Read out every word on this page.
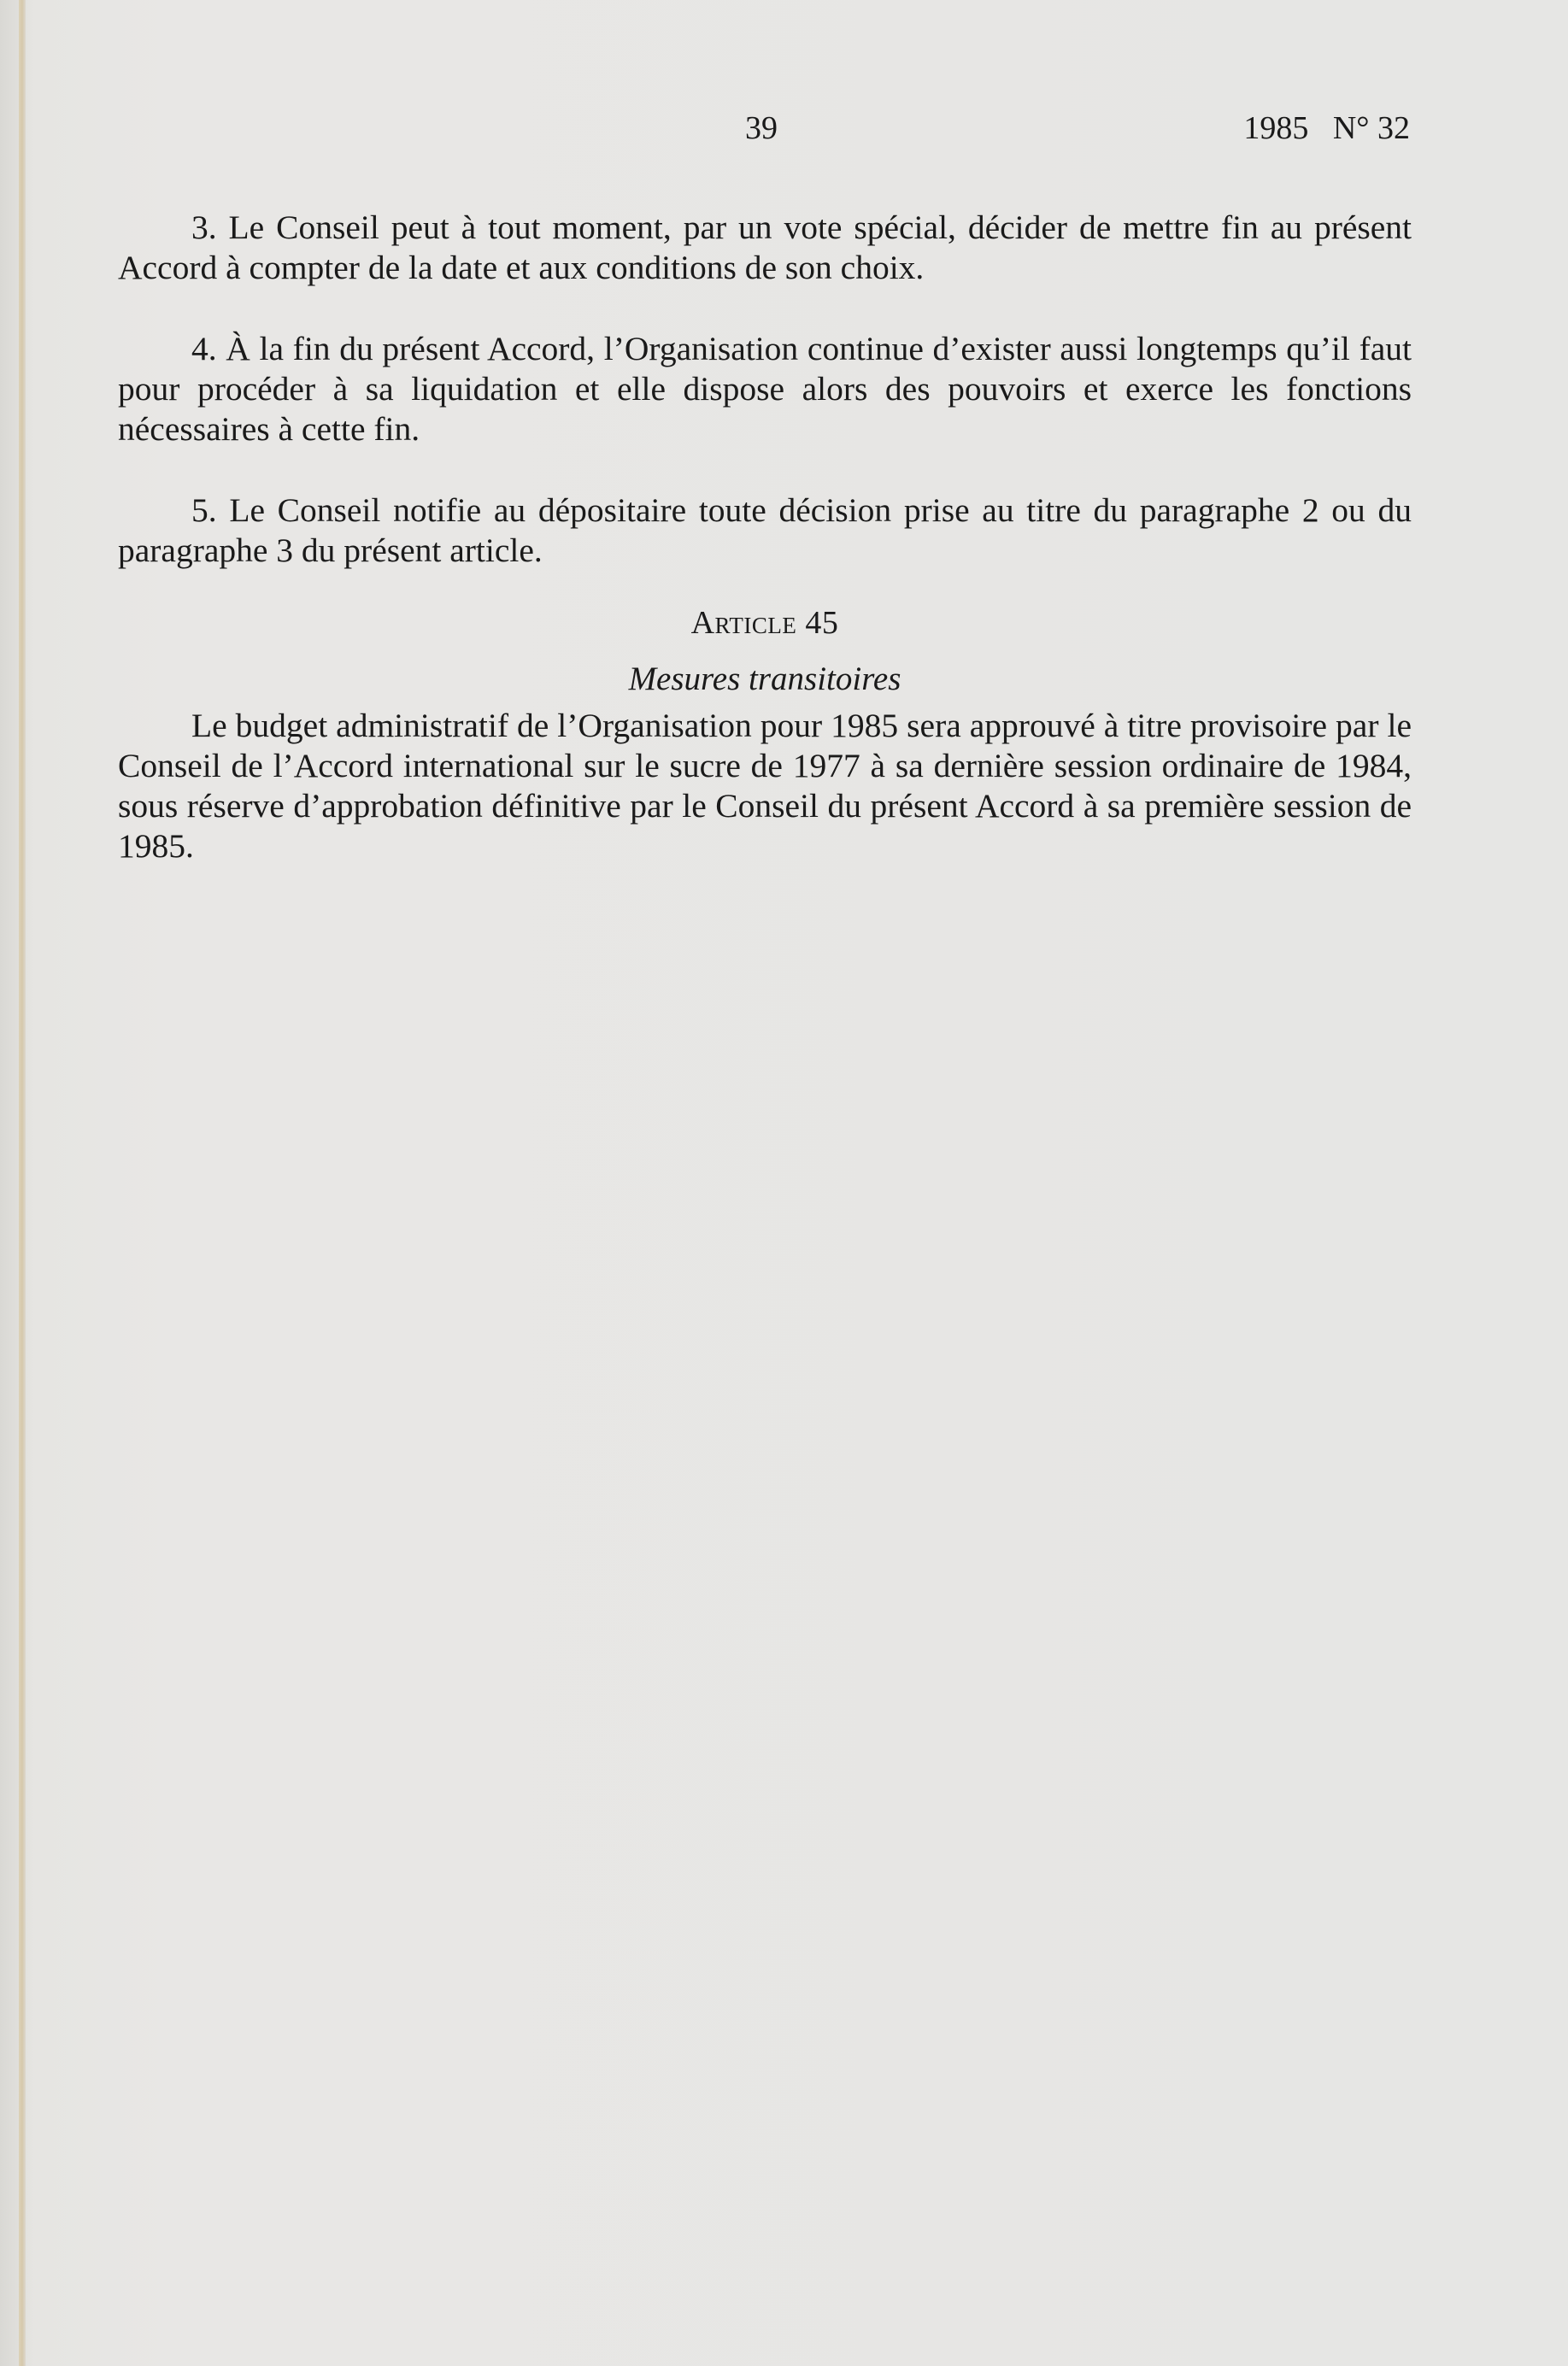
39	1985   N° 32

3. Le Conseil peut à tout moment, par un vote spécial, décider de mettre fin au présent Accord à compter de la date et aux conditions de son choix.

4. À la fin du présent Accord, l’Organisation continue d’exister aussi longtemps qu’il faut pour procéder à sa liquidation et elle dispose alors des pouvoirs et exerce les fonctions nécessaires à cette fin.

5. Le Conseil notifie au dépositaire toute décision prise au titre du paragraphe 2 ou du paragraphe 3 du présent article.

Article 45
Mesures transitoires

Le budget administratif de l’Organisation pour 1985 sera approuvé à titre provisoire par le Conseil de l’Accord international sur le sucre de 1977 à sa dernière session ordinaire de 1984, sous réserve d’approbation définitive par le Conseil du présent Accord à sa première session de 1985.
